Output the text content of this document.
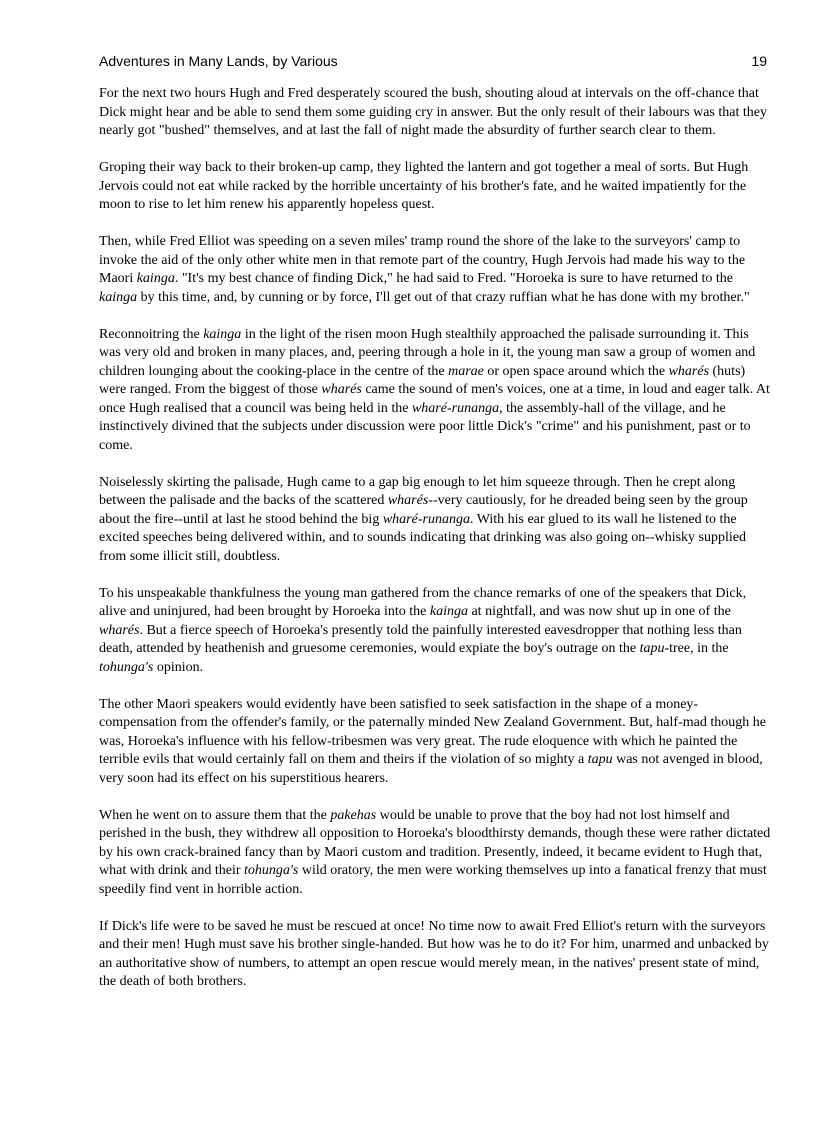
Adventures in Many Lands, by Various	19

For the next two hours Hugh and Fred desperately scoured the bush, shouting aloud at intervals on the off-chance that Dick might hear and be able to send them some guiding cry in answer. But the only result of their labours was that they nearly got "bushed" themselves, and at last the fall of night made the absurdity of further search clear to them.

Groping their way back to their broken-up camp, they lighted the lantern and got together a meal of sorts. But Hugh Jervois could not eat while racked by the horrible uncertainty of his brother's fate, and he waited impatiently for the moon to rise to let him renew his apparently hopeless quest.

Then, while Fred Elliot was speeding on a seven miles' tramp round the shore of the lake to the surveyors' camp to invoke the aid of the only other white men in that remote part of the country, Hugh Jervois had made his way to the Maori kainga. "It's my best chance of finding Dick," he had said to Fred. "Horoeka is sure to have returned to the kainga by this time, and, by cunning or by force, I'll get out of that crazy ruffian what he has done with my brother."

Reconnoitring the kainga in the light of the risen moon Hugh stealthily approached the palisade surrounding it. This was very old and broken in many places, and, peering through a hole in it, the young man saw a group of women and children lounging about the cooking-place in the centre of the marae or open space around which the wharés (huts) were ranged. From the biggest of those wharés came the sound of men's voices, one at a time, in loud and eager talk. At once Hugh realised that a council was being held in the wharé-runanga, the assembly-hall of the village, and he instinctively divined that the subjects under discussion were poor little Dick's "crime" and his punishment, past or to come.

Noiselessly skirting the palisade, Hugh came to a gap big enough to let him squeeze through. Then he crept along between the palisade and the backs of the scattered wharés--very cautiously, for he dreaded being seen by the group about the fire--until at last he stood behind the big wharé-runanga. With his ear glued to its wall he listened to the excited speeches being delivered within, and to sounds indicating that drinking was also going on--whisky supplied from some illicit still, doubtless.

To his unspeakable thankfulness the young man gathered from the chance remarks of one of the speakers that Dick, alive and uninjured, had been brought by Horoeka into the kainga at nightfall, and was now shut up in one of the wharés. But a fierce speech of Horoeka's presently told the painfully interested eavesdropper that nothing less than death, attended by heathenish and gruesome ceremonies, would expiate the boy's outrage on the tapu-tree, in the tohunga's opinion.

The other Maori speakers would evidently have been satisfied to seek satisfaction in the shape of a money-compensation from the offender's family, or the paternally minded New Zealand Government. But, half-mad though he was, Horoeka's influence with his fellow-tribesmen was very great. The rude eloquence with which he painted the terrible evils that would certainly fall on them and theirs if the violation of so mighty a tapu was not avenged in blood, very soon had its effect on his superstitious hearers.

When he went on to assure them that the pakehas would be unable to prove that the boy had not lost himself and perished in the bush, they withdrew all opposition to Horoeka's bloodthirsty demands, though these were rather dictated by his own crack-brained fancy than by Maori custom and tradition. Presently, indeed, it became evident to Hugh that, what with drink and their tohunga's wild oratory, the men were working themselves up into a fanatical frenzy that must speedily find vent in horrible action.

If Dick's life were to be saved he must be rescued at once! No time now to await Fred Elliot's return with the surveyors and their men! Hugh must save his brother single-handed. But how was he to do it? For him, unarmed and unbacked by an authoritative show of numbers, to attempt an open rescue would merely mean, in the natives' present state of mind, the death of both brothers.
